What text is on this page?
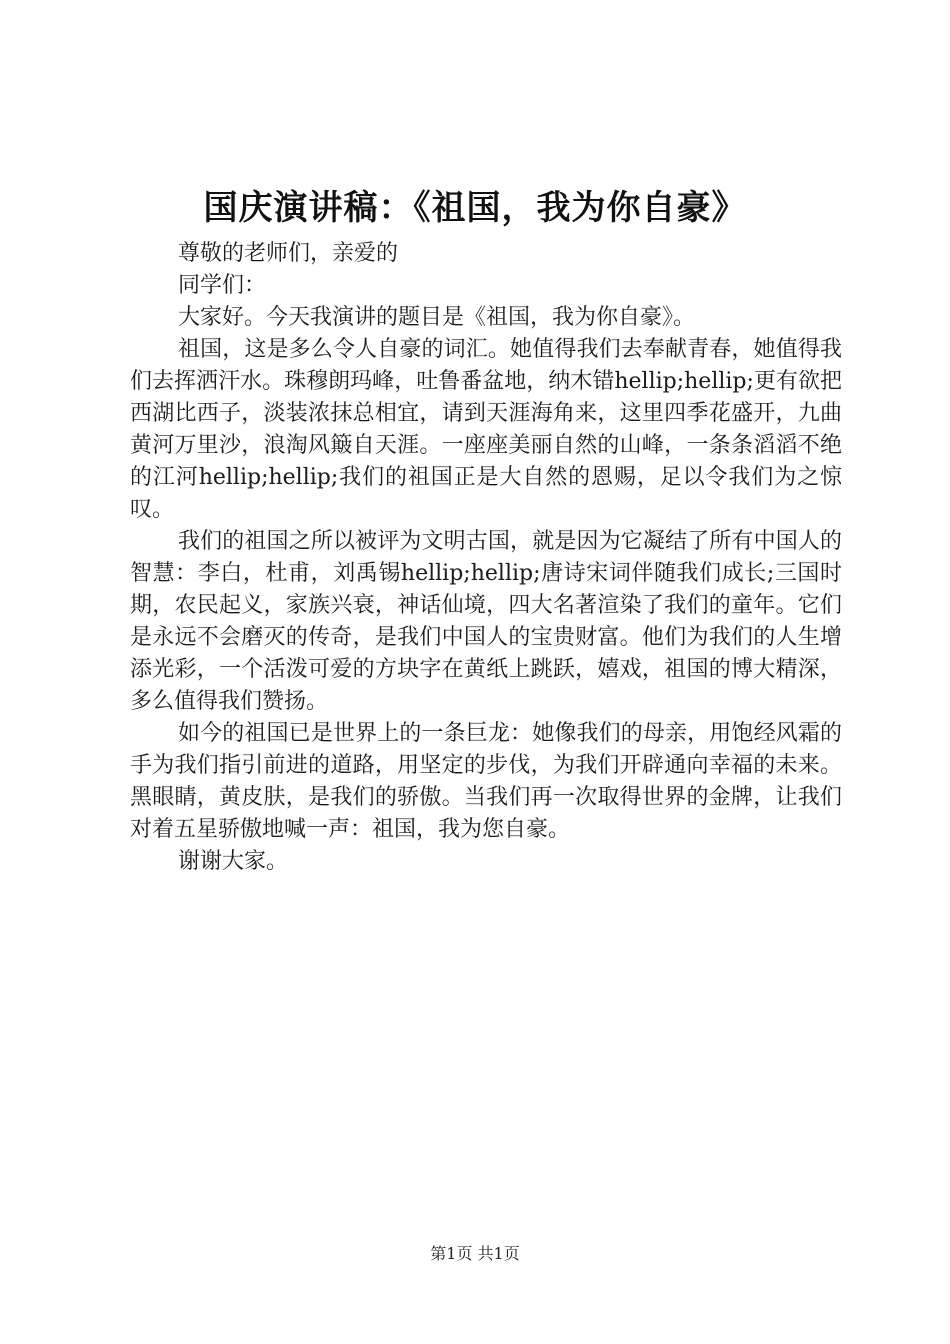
国庆演讲稿：《祖国，我为你自豪》

尊敬的老师们，亲爱的

同学们：

大家好。今天我演讲的题目是《祖国，我为你自豪》。

祖国，这是多么令人自豪的词汇。她值得我们去奉献青春，她值得我们去挥洒汗水。珠穆朗玛峰，吐鲁番盆地，纳木错hellip;hellip;更有欲把西湖比西子，淡装浓抹总相宜，请到天涯海角来，这里四季花盛开，九曲黄河万里沙，浪淘风簸自天涯。一座座美丽自然的山峰，一条条滔滔不绝的江河hellip;hellip;我们的祖国正是大自然的恩赐，足以令我们为之惊叹。

我们的祖国之所以被评为文明古国，就是因为它凝结了所有中国人的智慧：李白，杜甫，刘禹锡hellip;hellip;唐诗宋词伴随我们成长;三国时期，农民起义，家族兴衰，神话仙境，四大名著渲染了我们的童年。它们是永远不会磨灭的传奇，是我们中国人的宝贵财富。他们为我们的人生增添光彩，一个活泼可爱的方块字在黄纸上跳跃，嬉戏，祖国的博大精深，多么值得我们赞扬。

如今的祖国已是世界上的一条巨龙：她像我们的母亲，用饱经风霜的手为我们指引前进的道路，用坚定的步伐，为我们开辟通向幸福的未来。黑眼睛，黄皮肤，是我们的骄傲。当我们再一次取得世界的金牌，让我们对着五星骄傲地喊一声：祖国，我为您自豪。

谢谢大家。

第1页 共1页
